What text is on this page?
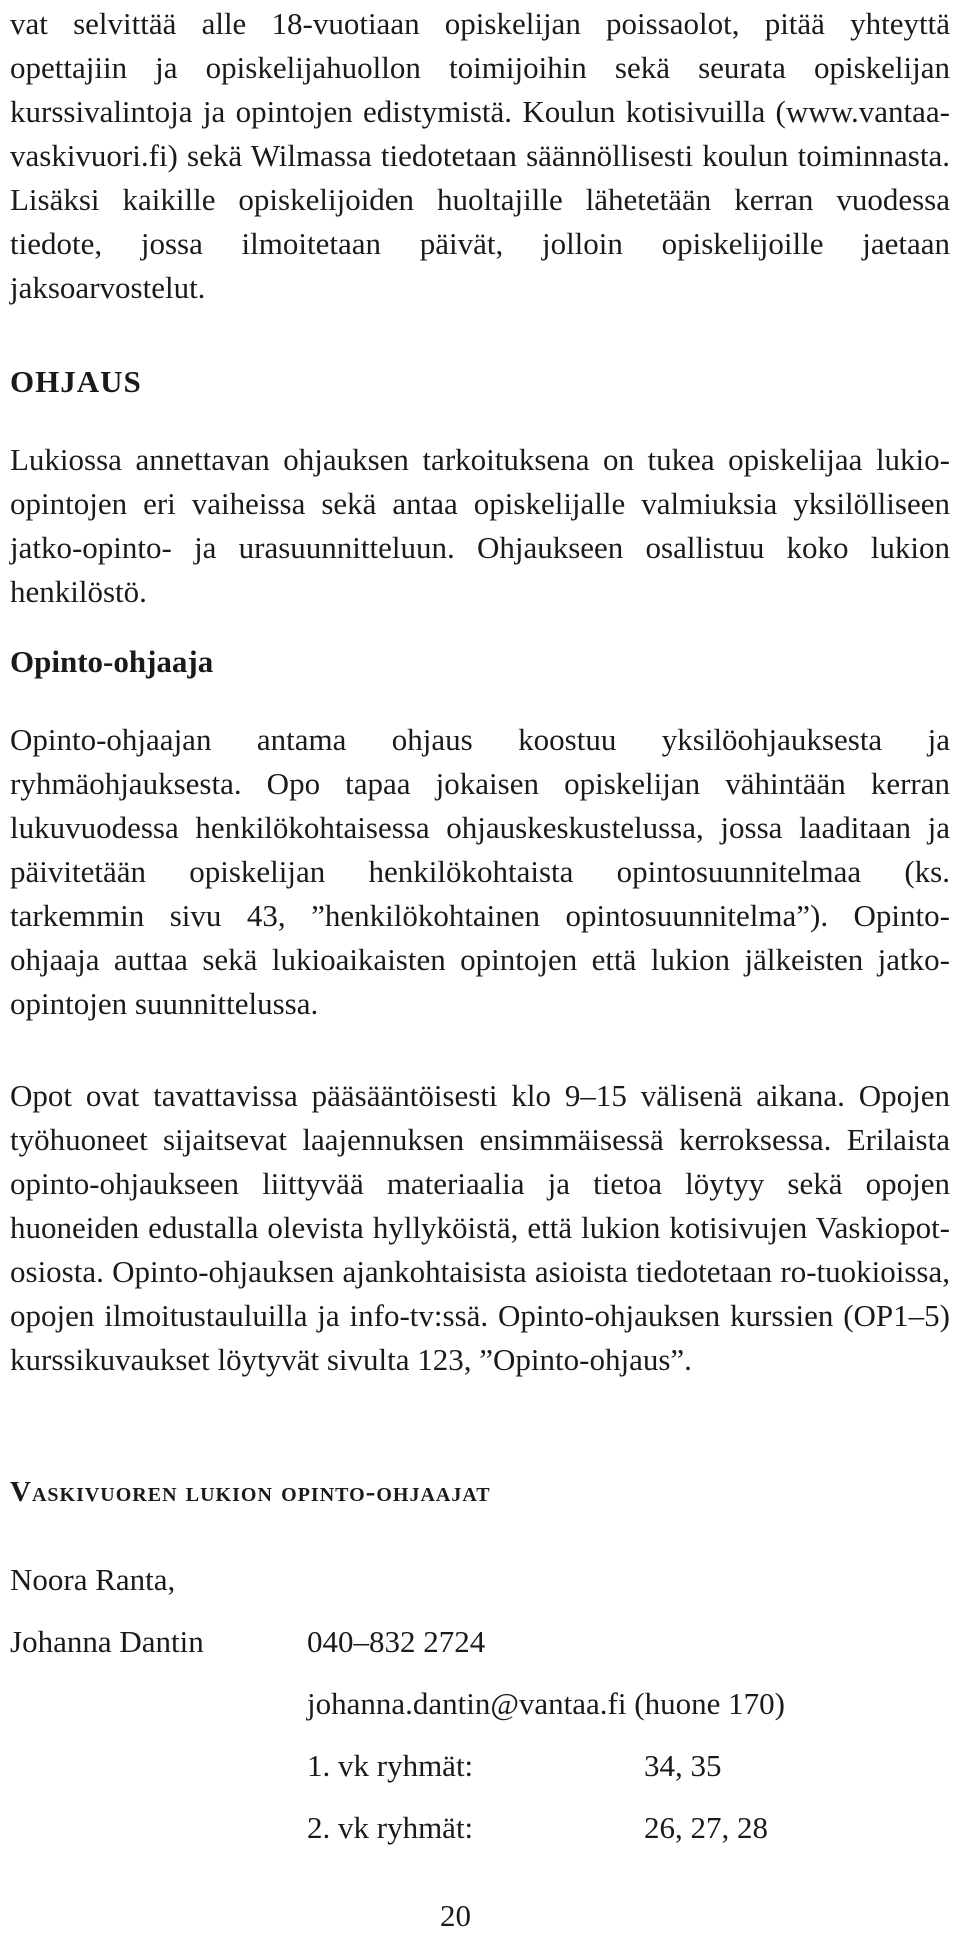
vat selvittää alle 18-vuotiaan opiskelijan poissaolot, pitää yhteyttä opettajiin ja opiskelijahuollon toimijoihin sekä seurata opiskelijan kurssivalintoja ja opintojen edistymistä. Koulun kotisivuilla (www.vantaa-vaskivuori.fi) sekä Wilmassa tiedotetaan säännöllisesti koulun toiminnasta. Lisäksi kaikille opiskelijoiden huoltajille lähetetään kerran vuodessa tiedote, jossa ilmoitetaan päivät, jolloin opiskelijoille jaetaan jaksoarvostelut.

OHJAUS

Lukiossa annettavan ohjauksen tarkoituksena on tukea opiskelijaa lukio-opintojen eri vaiheissa sekä antaa opiskelijalle valmiuksia yksilölliseen jatko-opinto- ja urasuunnitteluun. Ohjaukseen osallistuu koko lukion henkilöstö.

Opinto-ohjaaja

Opinto-ohjaajan antama ohjaus koostuu yksilöohjauksesta ja ryhmäohjauksesta. Opo tapaa jokaisen opiskelijan vähintään kerran lukuvuodessa henkilökohtaisessa ohjauskeskustelussa, jossa laaditaan ja päivitetään opiskelijan henkilökohtaista opintosuunnitelmaa (ks. tarkemmin sivu 43, ”henkilökohtainen opintosuunnitelma”). Opinto-ohjaaja auttaa sekä lukioaikaisten opintojen että lukion jälkeisten jatko-opintojen suunnittelussa.

Opot ovat tavattavissa pääsääntöisesti klo 9–15 välisenä aikana. Opojen työhuoneet sijaitsevat laajennuksen ensimmäisessä kerroksessa. Erilaista opinto-ohjaukseen liittyvää materiaalia ja tietoa löytyy sekä opojen huoneiden edustalla olevista hyllyköistä, että lukion kotisivujen Vaskiopot-osiosta. Opinto-ohjauksen ajankohtaisista asioista tiedotetaan ro-tuokioissa, opojen ilmoitustauluilla ja info-tv:ssä. Opinto-ohjauksen kurssien (OP1–5) kurssikuvaukset löytyvät sivulta 123, ”Opinto-ohjaus”.

Vaskivuoren lukion opinto-ohjaajat
Noora Ranta,
Johanna Dantin	040–832 2724
johanna.dantin@vantaa.fi (huone 170)
1. vk ryhmät:	34, 35
2. vk ryhmät:	26, 27, 28
20
